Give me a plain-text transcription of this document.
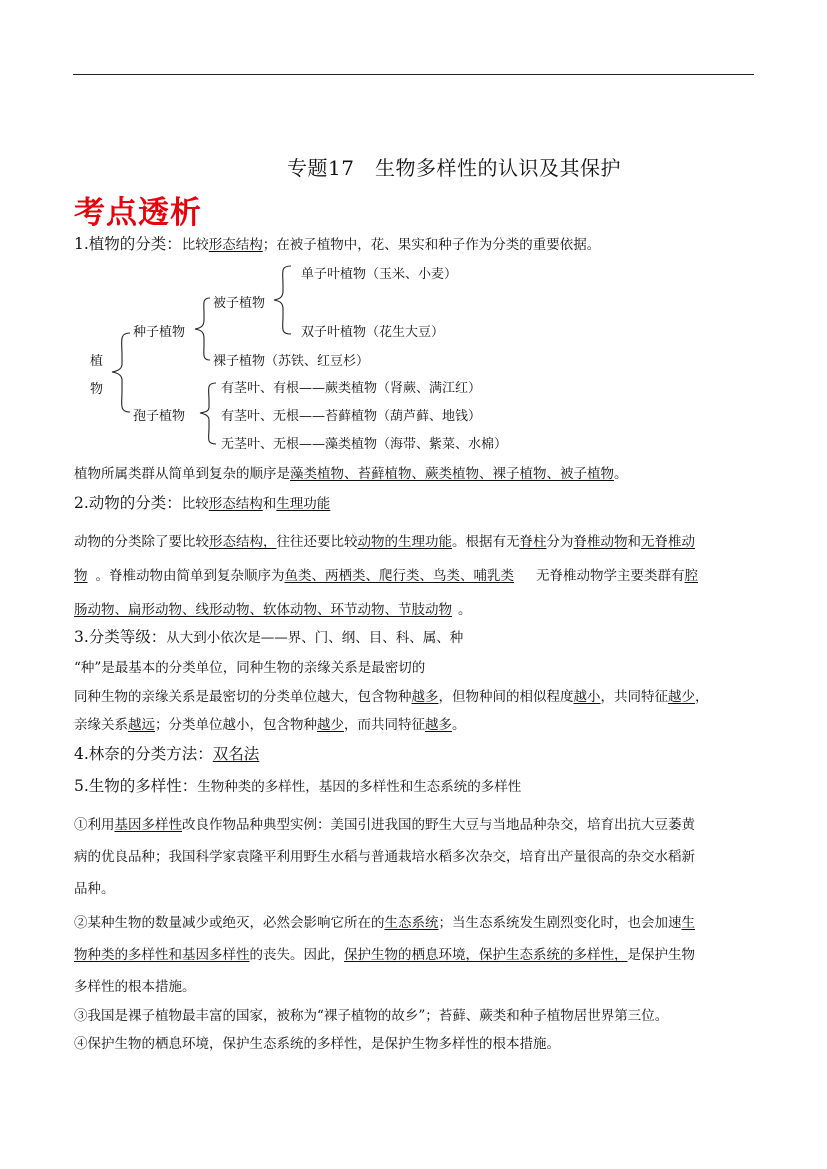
专题17　生物多样性的认识及其保护
考点透析
1.植物的分类：比较形态结构；在被子植物中，花、果实和种子作为分类的重要依据。
单子叶植物（玉米、小麦）
被子植物
双子叶植物（花生大豆）
种子植物
裸子植物（苏铁、红豆杉）
植
物	有茎叶、有根——蕨类植物（肾蕨、满江红）
孢子植物	有茎叶、无根——苔藓植物（葫芦藓、地钱）
无茎叶、无根——藻类植物（海带、紫菜、水棉）
植物所属类群从简单到复杂的顺序是藻类植物、苔藓植物、蕨类植物、裸子植物、被子植物。
2.动物的分类：比较形态结构和生理功能
动物的分类除了要比较形态结构，往往还要比较动物的生理功能。根据有无脊柱分为脊椎动物和无脊椎动
物 。脊椎动物由简单到复杂顺序为鱼类、两栖类、爬行类、鸟类、哺乳类 无脊椎动物学主要类群有腔
肠动物、扁形动物、线形动物、软体动物、环节动物、节肢动物 。
3.分类等级：从大到小依次是——界、门、纲、目、科、属、种
“种”是最基本的分类单位，同种生物的亲缘关系是最密切的
同种生物的亲缘关系是最密切的分类单位越大，包含物种越多，但物种间的相似程度越小，共同特征越少，
亲缘关系越远；分类单位越小，包含物种越少，而共同特征越多。
4.林奈的分类方法：双名法
5.生物的多样性：生物种类的多样性，基因的多样性和生态系统的多样性
①利用基因多样性改良作物品种典型实例：美国引进我国的野生大豆与当地品种杂交，培育出抗大豆萎黄
病的优良品种；我国科学家袁隆平利用野生水稻与普通栽培水稻多次杂交，培育出产量很高的杂交水稻新
品种。
②某种生物的数量减少或绝灭，必然会影响它所在的生态系统；当生态系统发生剧烈变化时，也会加速生
物种类的多样性和基因多样性的丧失。因此，保护生物的栖息环境，保护生态系统的多样性，是保护生物
多样性的根本措施。
③我国是裸子植物最丰富的国家，被称为“裸子植物的故乡”；苔藓、蕨类和种子植物居世界第三位。
④保护生物的栖息环境，保护生态系统的多样性，是保护生物多样性的根本措施。
